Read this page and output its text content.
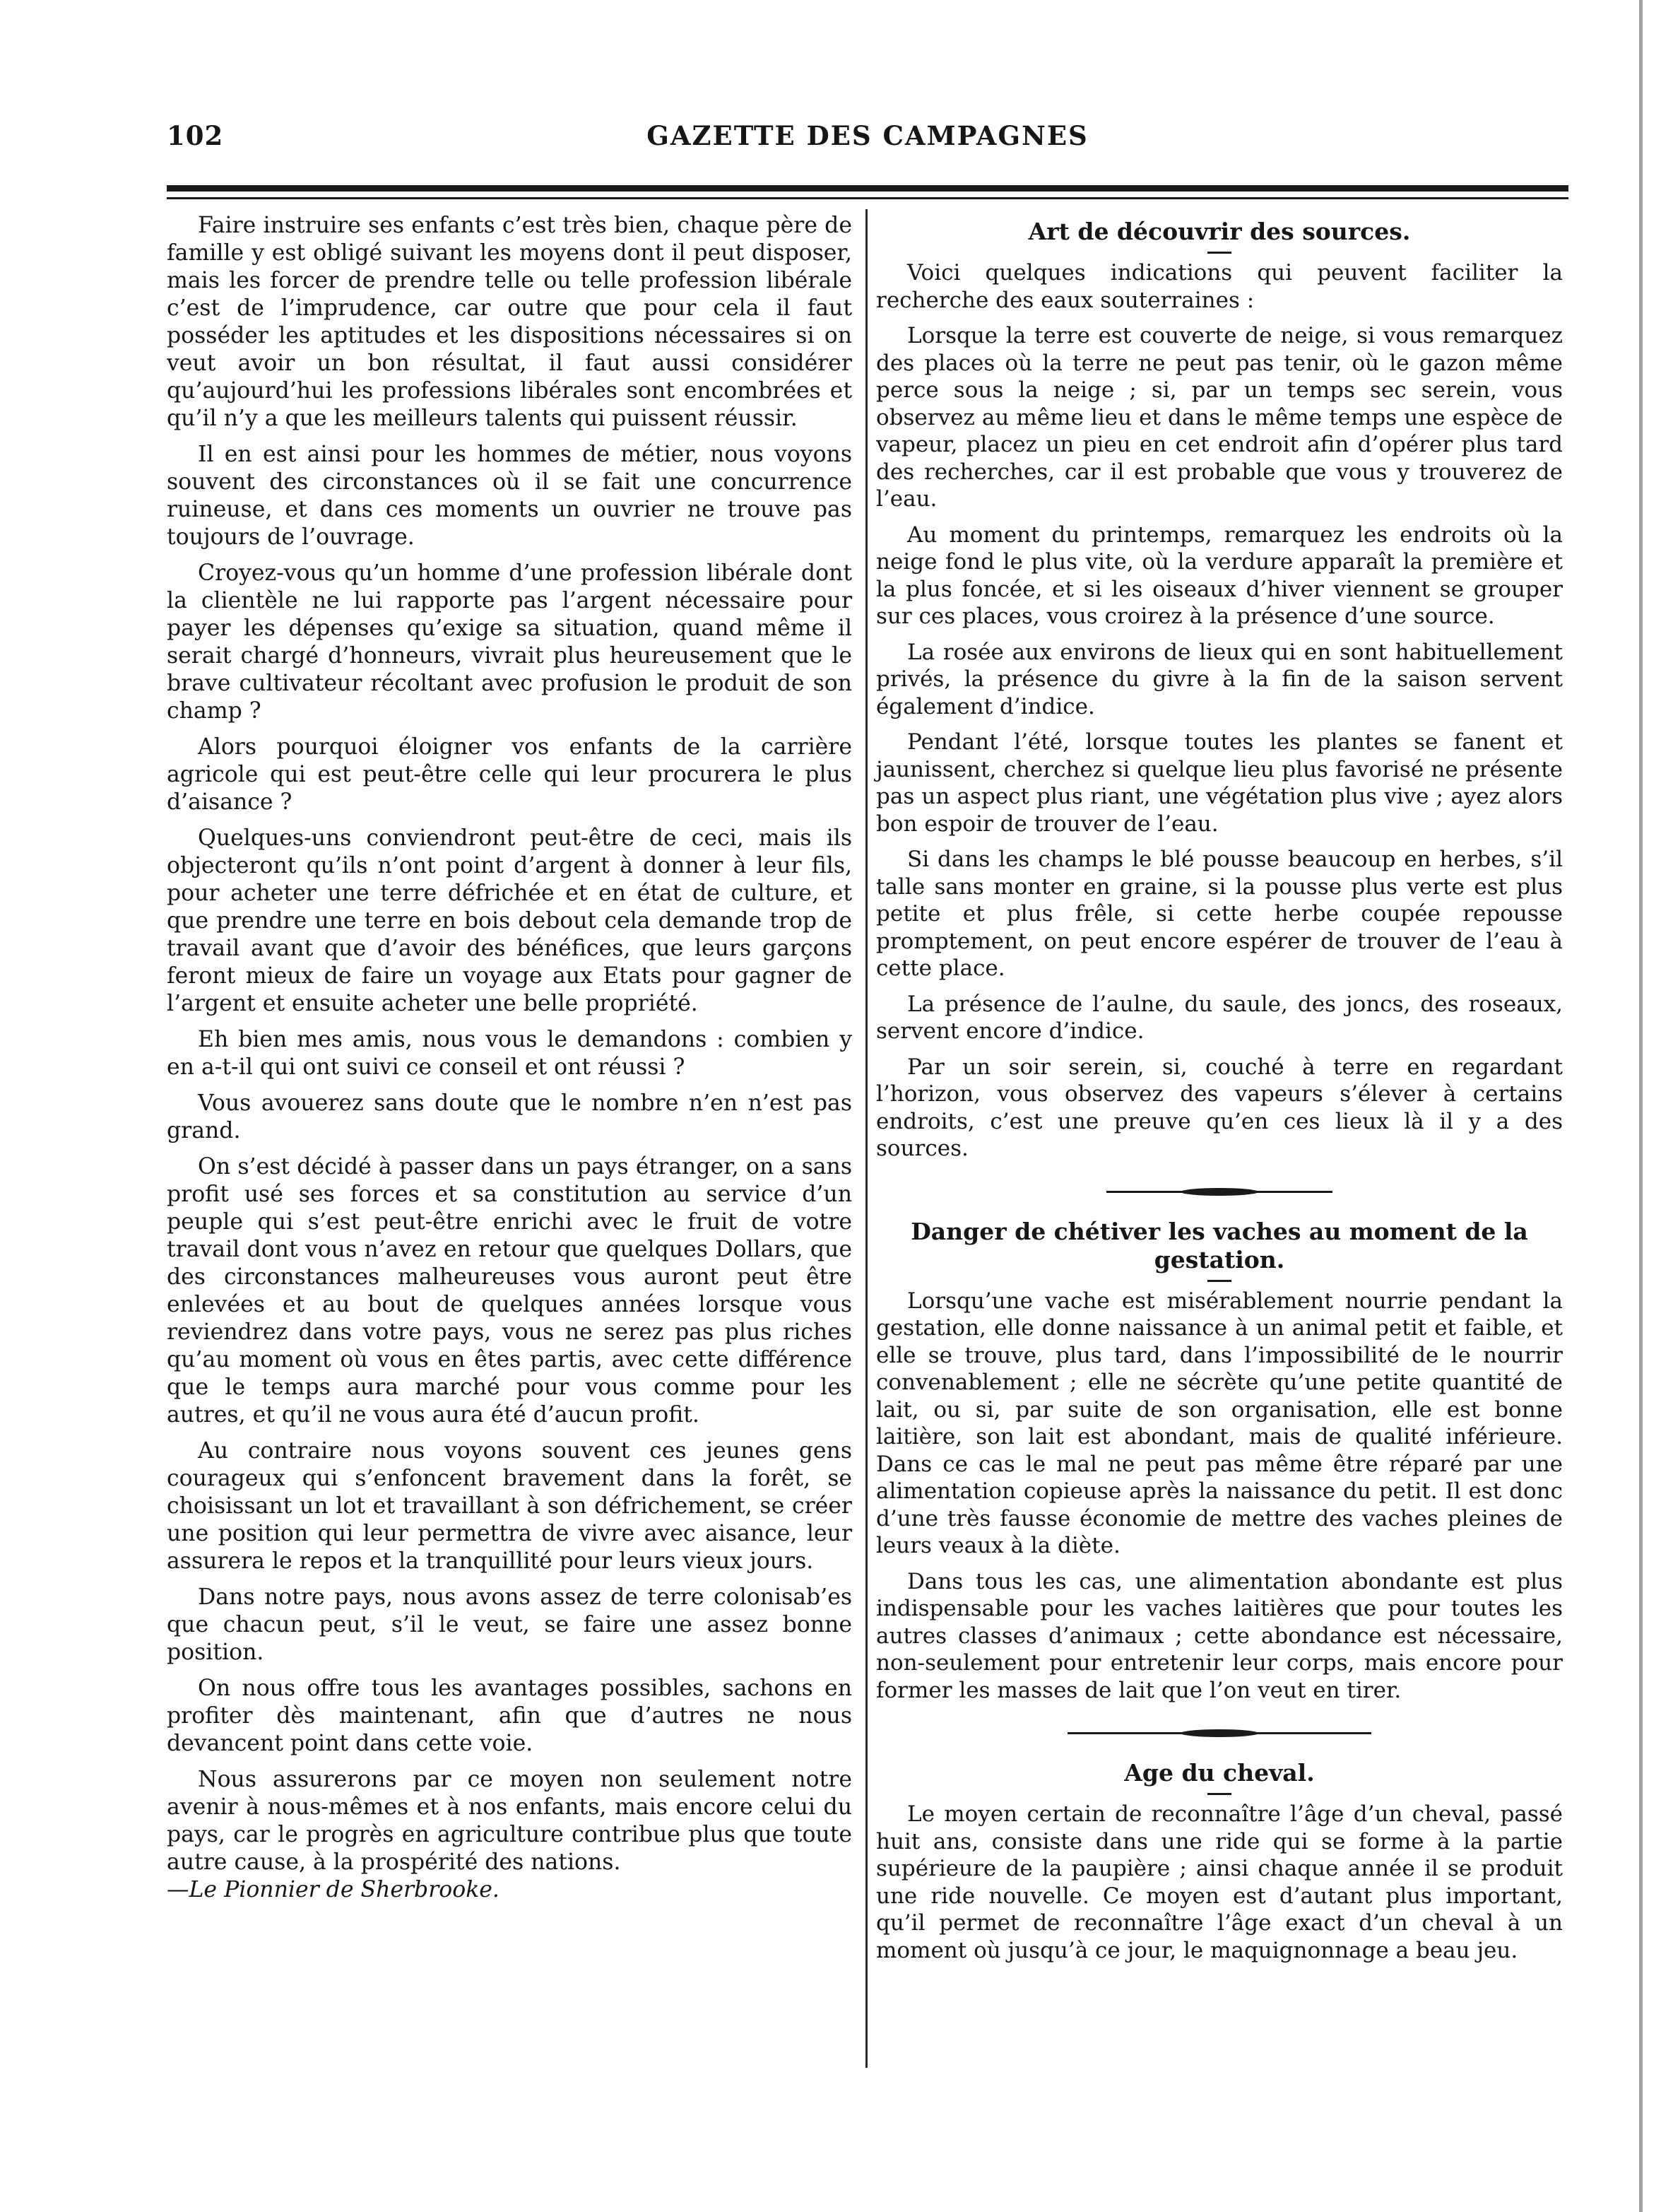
102	GAZETTE DES CAMPAGNES

Faire instruire ses enfants c’est très bien, chaque père de famille y est obligé suivant les moyens dont il peut disposer, mais les forcer de prendre telle ou telle profession libérale c’est de l’imprudence, car outre que pour cela il faut posséder les aptitudes et les dispositions nécessaires si on veut avoir un bon résultat, il faut aussi considérer qu’aujourd’hui les professions libérales sont encombrées et qu’il n’y a que les meilleurs talents qui puissent réussir.

Il en est ainsi pour les hommes de métier, nous voyons souvent des circonstances où il se fait une concurrence ruineuse, et dans ces moments un ouvrier ne trouve pas toujours de l’ouvrage.

Croyez-vous qu’un homme d’une profession libérale dont la clientèle ne lui rapporte pas l’argent nécessaire pour payer les dépenses qu’exige sa situation, quand même il serait chargé d’honneurs, vivrait plus heureusement que le brave cultivateur récoltant avec profusion le produit de son champ ?

Alors pourquoi éloigner vos enfants de la carrière agricole qui est peut-être celle qui leur procurera le plus d’aisance ?

Quelques-uns conviendront peut-être de ceci, mais ils objecteront qu’ils n’ont point d’argent à donner à leur fils, pour acheter une terre défrichée et en état de culture, et que prendre une terre en bois debout cela demande trop de travail avant que d’avoir des bénéfices, que leurs garçons feront mieux de faire un voyage aux Etats pour gagner de l’argent et ensuite acheter une belle propriété.

Eh bien mes amis, nous vous le demandons : combien y en a-t-il qui ont suivi ce conseil et ont réussi ?

Vous avouerez sans doute que le nombre n’en n’est pas grand.

On s’est décidé à passer dans un pays étranger, on a sans profit usé ses forces et sa constitution au service d’un peuple qui s’est peut-être enrichi avec le fruit de votre travail dont vous n’avez en retour que quelques Dollars, que des circonstances malheureuses vous auront peut être enlevées et au bout de quelques années lorsque vous reviendrez dans votre pays, vous ne serez pas plus riches qu’au moment où vous en êtes partis, avec cette différence que le temps aura marché pour vous comme pour les autres, et qu’il ne vous aura été d’aucun profit.

Au contraire nous voyons souvent ces jeunes gens courageux qui s’enfoncent bravement dans la forêt, se choisissant un lot et travaillant à son défrichement, se créer une position qui leur permettra de vivre avec aisance, leur assurera le repos et la tranquillité pour leurs vieux jours.

Dans notre pays, nous avons assez de terre colonisab’es que chacun peut, s’il le veut, se faire une assez bonne position.

On nous offre tous les avantages possibles, sachons en profiter dès maintenant, afin que d’autres ne nous devancent point dans cette voie.

Nous assurerons par ce moyen non seulement notre avenir à nous-mêmes et à nos enfants, mais encore celui du pays, car le progrès en agriculture contribue plus que toute autre cause, à la prospérité des nations.

—Le Pionnier de Sherbrooke.

Art de découvrir des sources.

Voici quelques indications qui peuvent faciliter la recherche des eaux souterraines :

Lorsque la terre est couverte de neige, si vous remarquez des places où la terre ne peut pas tenir, où le gazon même perce sous la neige ; si, par un temps sec serein, vous observez au même lieu et dans le même temps une espèce de vapeur, placez un pieu en cet endroit afin d’opérer plus tard des recherches, car il est probable que vous y trouverez de l’eau.

Au moment du printemps, remarquez les endroits où la neige fond le plus vite, où la verdure apparaît la première et la plus foncée, et si les oiseaux d’hiver viennent se grouper sur ces places, vous croirez à la présence d’une source.

La rosée aux environs de lieux qui en sont habituellement privés, la présence du givre à la fin de la saison servent également d’indice.

Pendant l’été, lorsque toutes les plantes se fanent et jaunissent, cherchez si quelque lieu plus favorisé ne présente pas un aspect plus riant, une végétation plus vive ; ayez alors bon espoir de trouver de l’eau.

Si dans les champs le blé pousse beaucoup en herbes, s’il talle sans monter en graine, si la pousse plus verte est plus petite et plus frêle, si cette herbe coupée repousse promptement, on peut encore espérer de trouver de l’eau à cette place.

La présence de l’aulne, du saule, des joncs, des roseaux, servent encore d’indice.

Par un soir serein, si, couché à terre en regardant l’horizon, vous observez des vapeurs s’élever à certains endroits, c’est une preuve qu’en ces lieux là il y a des sources.

Danger de chétiver les vaches au moment de la gestation.

Lorsqu’une vache est misérablement nourrie pendant la gestation, elle donne naissance à un animal petit et faible, et elle se trouve, plus tard, dans l’impossibilité de le nourrir convenablement ; elle ne sécrète qu’une petite quantité de lait, ou si, par suite de son organisation, elle est bonne laitière, son lait est abondant, mais de qualité inférieure. Dans ce cas le mal ne peut pas même être réparé par une alimentation copieuse après la naissance du petit. Il est donc d’une très fausse économie de mettre des vaches pleines de leurs veaux à la diète.

Dans tous les cas, une alimentation abondante est plus indispensable pour les vaches laitières que pour toutes les autres classes d’animaux ; cette abondance est nécessaire, non-seulement pour entretenir leur corps, mais encore pour former les masses de lait que l’on veut en tirer.

Age du cheval.

Le moyen certain de reconnaître l’âge d’un cheval, passé huit ans, consiste dans une ride qui se forme à la partie supérieure de la paupière ; ainsi chaque année il se produit une ride nouvelle. Ce moyen est d’autant plus important, qu’il permet de reconnaître l’âge exact d’un cheval à un moment où jusqu’à ce jour, le maquignonnage a beau jeu.
